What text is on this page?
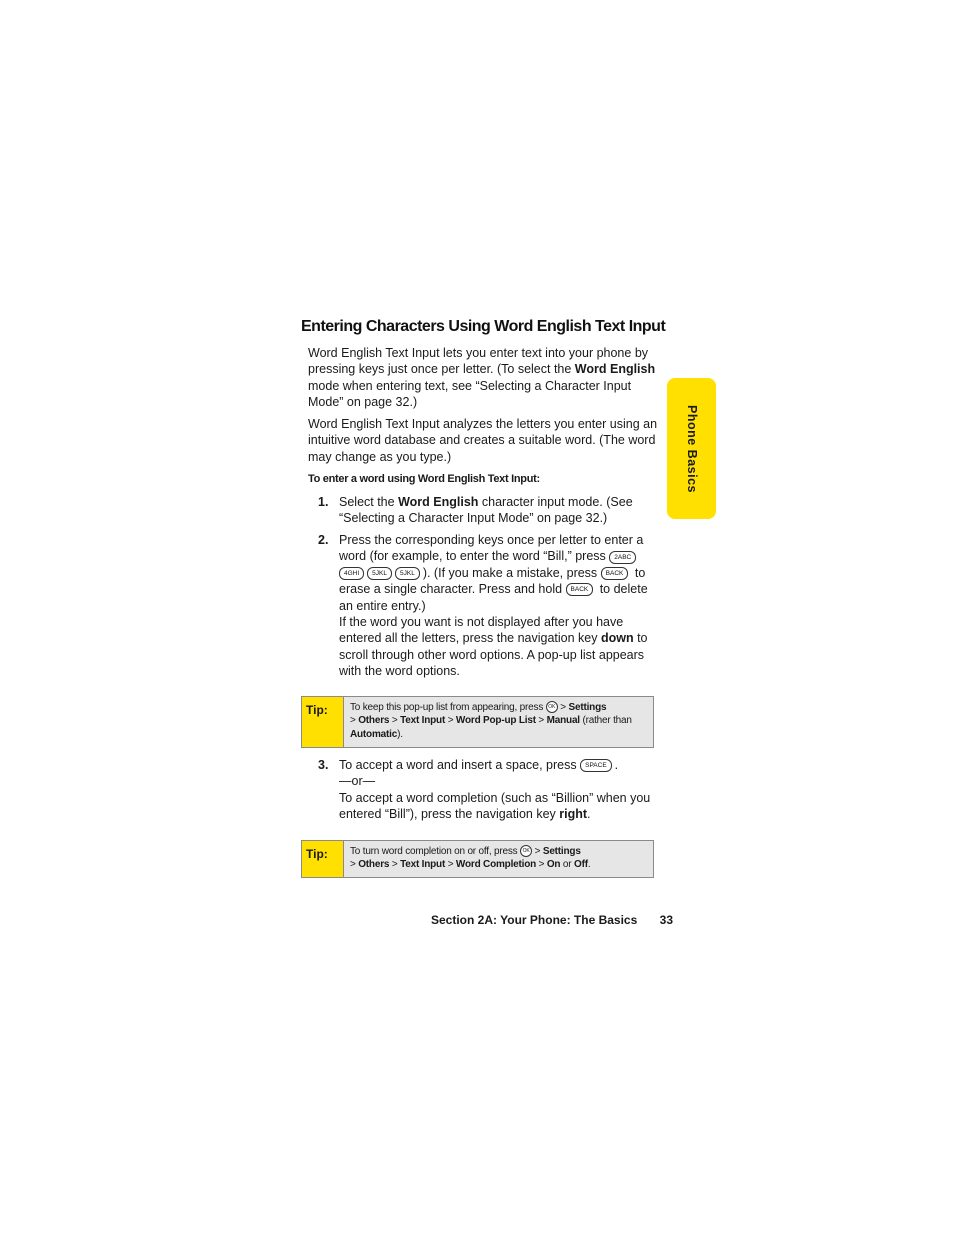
Entering Characters Using Word English Text Input
Phone Basics
Word English Text Input lets you enter text into your phone by pressing keys just once per letter. (To select the Word English mode when entering text, see “Selecting a Character Input Mode” on page 32.)
Word English Text Input analyzes the letters you enter using an intuitive word database and creates a suitable word. (The word may change as you type.)
To enter a word using Word English Text Input:
1. Select the Word English character input mode. (See “Selecting a Character Input Mode” on page 32.)
2. Press the corresponding keys once per letter to enter a word (for example, to enter the word “Bill,” press 2ABC4GHI 5JKL 5JKL ). (If you make a mistake, press BACK to erase a single character. Press and hold BACK to delete an entire entry.)
If the word you want is not displayed after you have entered all the letters, press the navigation key down to scroll through other word options. A pop-up list appears with the word options.
Tip:	To keep this pop-up list from appearing, press OK > Settings
> Others > Text Input > Word Pop-up List > Manual (rather than
Automatic).
3. To accept a word and insert a space, press SPACE .
—or—
To accept a word completion (such as “Billion” when you entered “Bill”), press the navigation key right.
Tip:	To turn word completion on or off, press OK > Settings
> Others > Text Input > Word Completion > On or Off.
Section 2A: Your Phone: The Basics 33
